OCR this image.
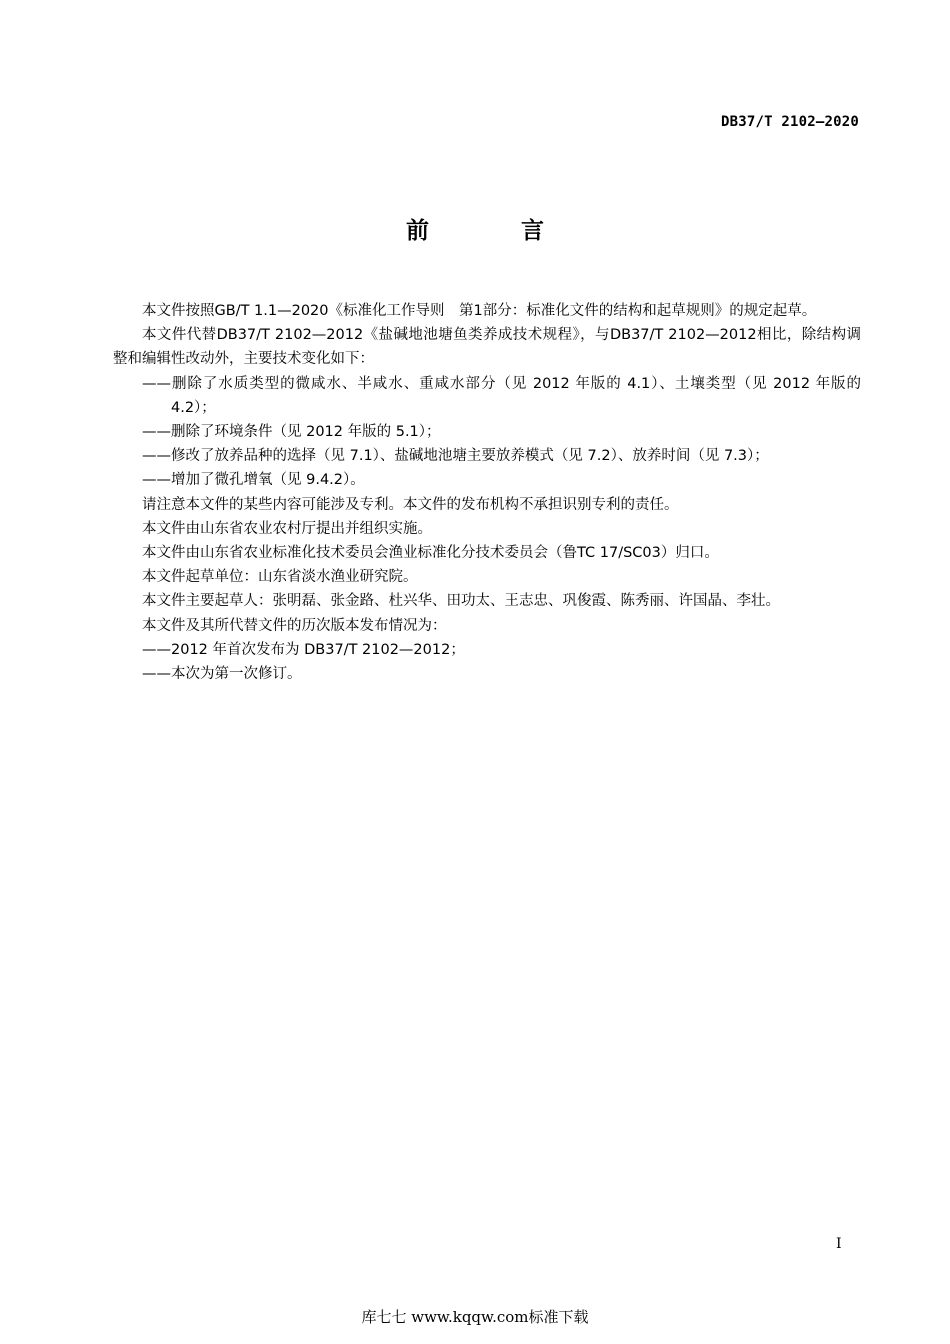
DB37/T 2102—2020
前 言

本文件按照GB/T 1.1—2020《标准化工作导则　第1部分：标准化文件的结构和起草规则》的规定起草。

本文件代替DB37/T 2102—2012《盐碱地池塘鱼类养成技术规程》，与DB37/T 2102—2012相比，除结构调整和编辑性改动外，主要技术变化如下：

——删除了水质类型的微咸水、半咸水、重咸水部分（见 2012 年版的 4.1）、土壤类型（见 2012 年版的 4.2）；

——删除了环境条件（见 2012 年版的 5.1）；

——修改了放养品种的选择（见 7.1）、盐碱地池塘主要放养模式（见 7.2）、放养时间（见 7.3）；

——增加了微孔增氧（见 9.4.2）。

请注意本文件的某些内容可能涉及专利。本文件的发布机构不承担识别专利的责任。

本文件由山东省农业农村厅提出并组织实施。

本文件由山东省农业标准化技术委员会渔业标准化分技术委员会（鲁TC 17/SC03）归口。

本文件起草单位：山东省淡水渔业研究院。

本文件主要起草人：张明磊、张金路、杜兴华、田功太、王志忠、巩俊霞、陈秀丽、许国晶、李壮。

本文件及其所代替文件的历次版本发布情况为：

——2012 年首次发布为 DB37/T 2102—2012；

——本次为第一次修订。

I
库七七 www.kqqw.com标准下载
